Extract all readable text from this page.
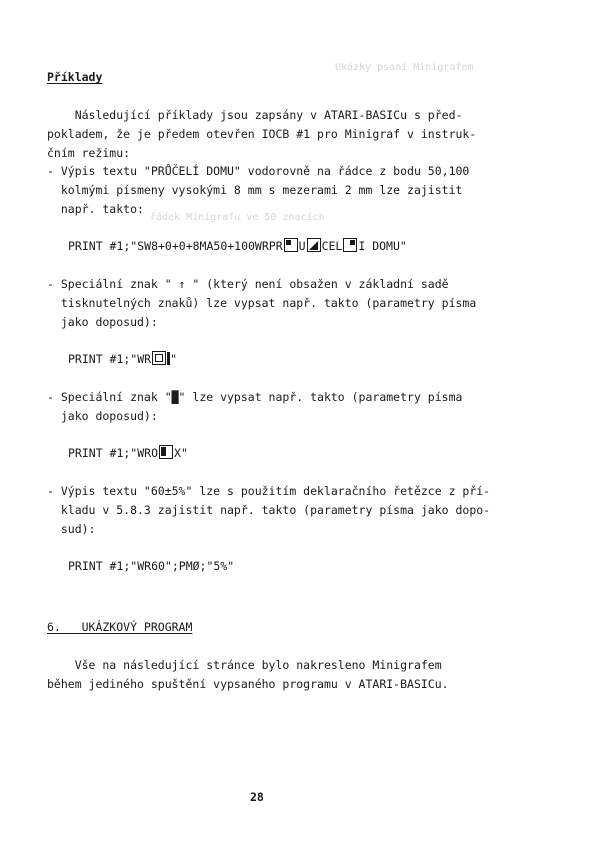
Ukázky psaní Minigrafem
řádek Minigrafu ve 50 znacích
Příklady
Následující příklady jsou zapsány v ATARI-BASICu s před-
pokladem, že je předem otevřen IOCB #1 pro Minigraf v instruk-
čním režimu:
- Výpis textu "PRŮČELÍ DOMU" vodorovně na řádce z bodu 50,100
kolmými písmeny vysokými 8 mm s mezerami 2 mm lze zajistit
např. takto:
PRINT #1;"SW8+0+0+8MA50+100WRPR U CEL I DOMU"
- Speciální znak " ↑ " (který není obsažen v základní sadě
tisknutelných znaků) lze vypsat např. takto (parametry písma
jako doposud):
PRINT #1;"WR "
- Speciální znak "█" lze vypsat např. takto (parametry písma
jako doposud):
PRINT #1;"WRO X"
- Výpis textu "60±5%" lze s použitím deklaračního řetězce z pří-
kladu v 5.8.3 zajistit např. takto (parametry písma jako dopo-
sud):
PRINT #1;"WR60";PMØ;"5%"
6.   UKÁZKOVÝ PROGRAM
Vše na následující stránce bylo nakresleno Minigrafem
během jediného spuštění vypsaného programu v ATARI-BASICu.
28
